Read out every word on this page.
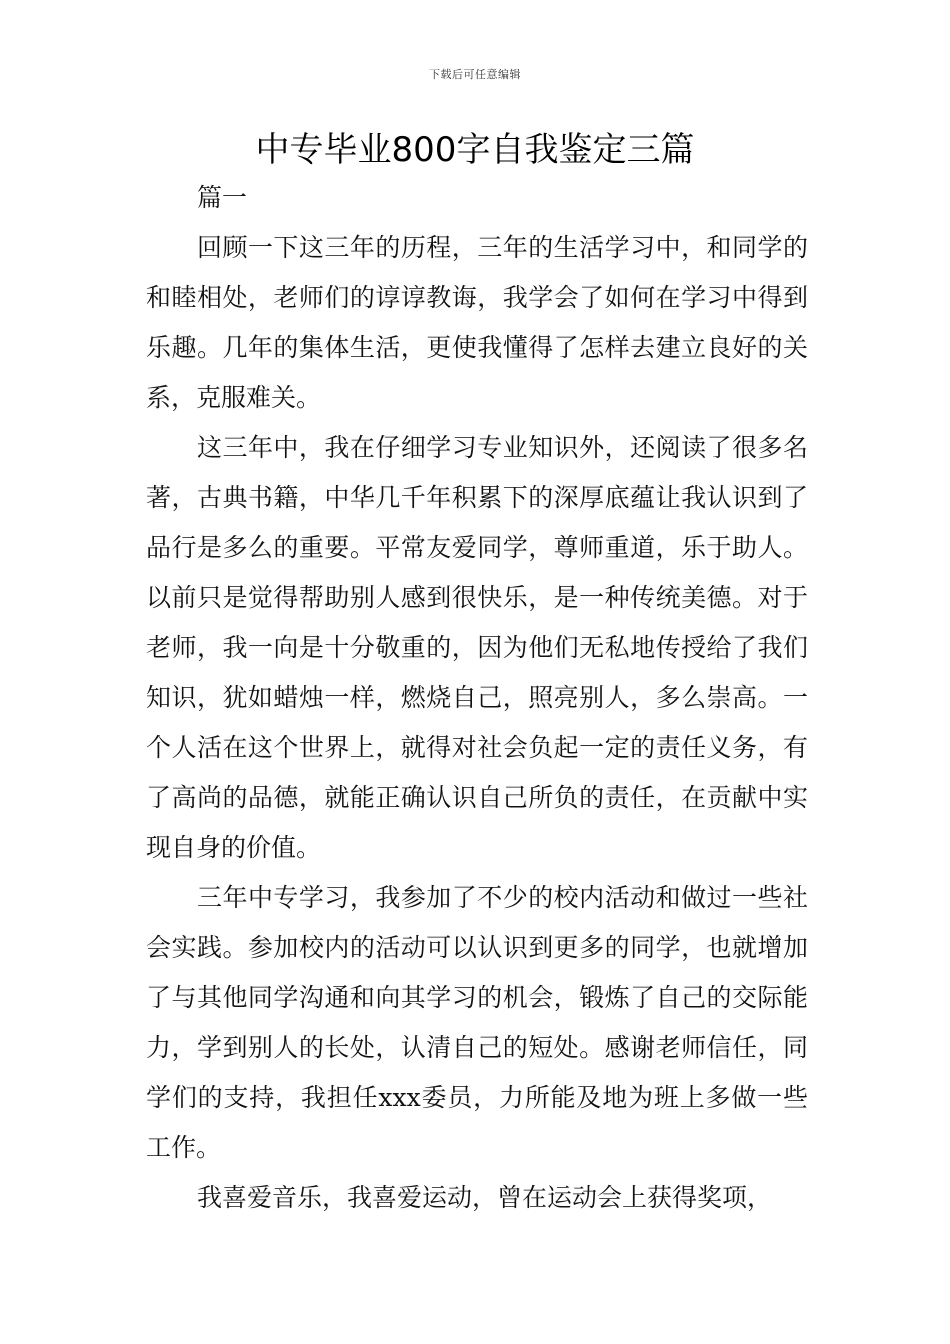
下载后可任意编辑
中专毕业800字自我鉴定三篇

篇一

回顾一下这三年的历程，三年的生活学习中，和同学的和睦相处，老师们的谆谆教诲，我学会了如何在学习中得到乐趣。几年的集体生活，更使我懂得了怎样去建立良好的关系，克服难关。

这三年中，我在仔细学习专业知识外，还阅读了很多名著，古典书籍，中华几千年积累下的深厚底蕴让我认识到了品行是多么的重要。平常友爱同学，尊师重道，乐于助人。以前只是觉得帮助别人感到很快乐，是一种传统美德。对于老师，我一向是十分敬重的，因为他们无私地传授给了我们知识，犹如蜡烛一样，燃烧自己，照亮别人，多么崇高。一个人活在这个世界上，就得对社会负起一定的责任义务，有了高尚的品德，就能正确认识自己所负的责任，在贡献中实现自身的价值。

三年中专学习，我参加了不少的校内活动和做过一些社会实践。参加校内的活动可以认识到更多的同学，也就增加了与其他同学沟通和向其学习的机会，锻炼了自己的交际能力，学到别人的长处，认清自己的短处。感谢老师信任，同学们的支持，我担任xxx委员，力所能及地为班上多做一些工作。

我喜爱音乐，我喜爱运动，曾在运动会上获得奖项，
